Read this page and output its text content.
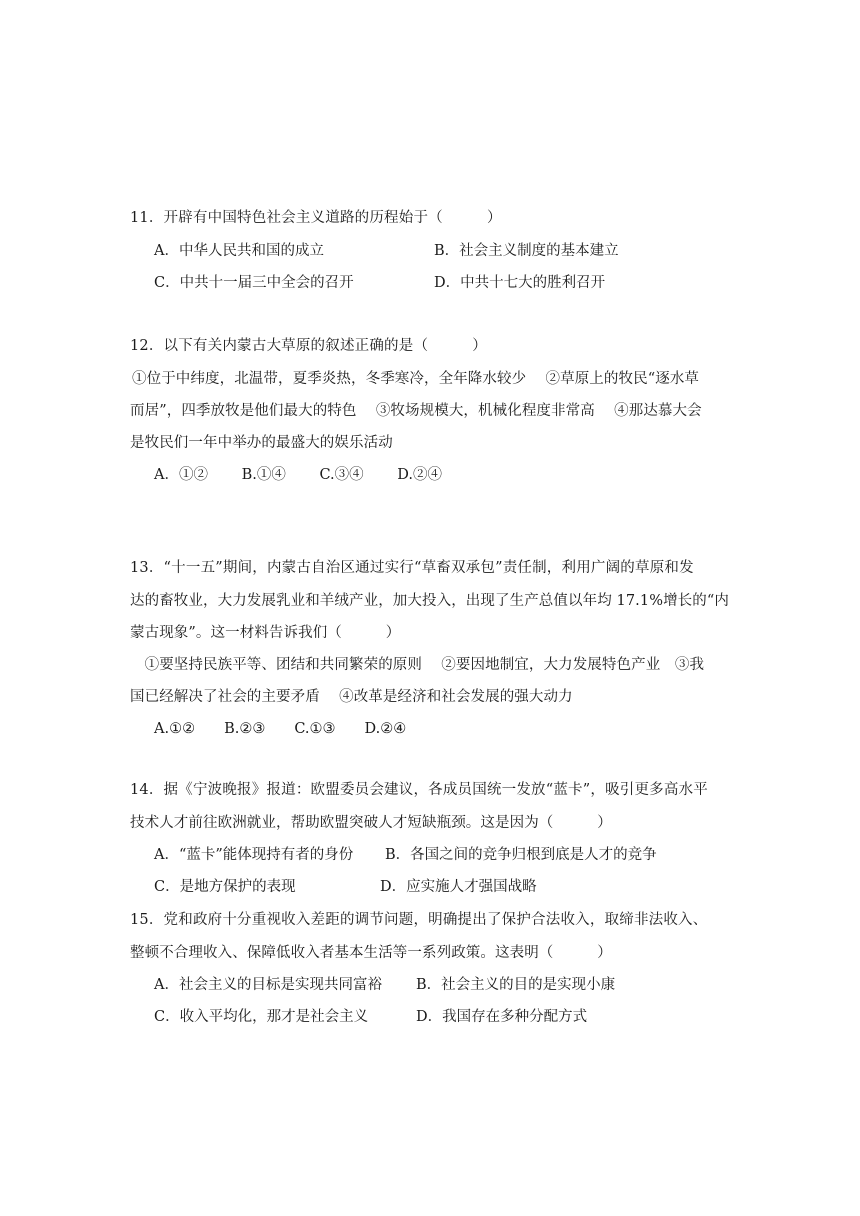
11．开辟有中国特色社会主义道路的历程始于（　　　）
A．中华人民共和国的成立	B．社会主义制度的基本建立
C．中共十一届三中全会的召开	D．中共十七大的胜利召开
12．以下有关内蒙古大草原的叙述正确的是（　　　）
①位于中纬度，北温带，夏季炎热，冬季寒冷，全年降水较少　 ②草原上的牧民“逐水草
而居”，四季放牧是他们最大的特色　 ③牧场规模大，机械化程度非常高　 ④那达慕大会
是牧民们一年中举办的最盛大的娱乐活动
A．①②　　 B.①④　　 C.③④　　 D.②④
13．“十一五”期间，内蒙古自治区通过实行“草畜双承包”责任制，利用广阔的草原和发
达的畜牧业，大力发展乳业和羊绒产业，加大投入，出现了生产总值以年均 17.1%增长的“内
蒙古现象”。这一材料告诉我们（　　　）
　①要坚持民族平等、团结和共同繁荣的原则　 ②要因地制宜，大力发展特色产业　③我
国已经解决了社会的主要矛盾　 ④改革是经济和社会发展的强大动力
A.①②　　B.②③　　C.①③　　D.②④
14．据《宁波晚报》报道：欧盟委员会建议，各成员国统一发放“蓝卡”，吸引更多高水平
技术人才前往欧洲就业，帮助欧盟突破人才短缺瓶颈。这是因为（　　　）
A．“蓝卡”能体现持有者的身份 B．各国之间的竞争归根到底是人才的竞争
C．是地方保护的表现	D．应实施人才强国战略
15．党和政府十分重视收入差距的调节问题，明确提出了保护合法收入，取缔非法收入、
整顿不合理收入、保障低收入者基本生活等一系列政策。这表明（　　　）
A．社会主义的目标是实现共同富裕 B．社会主义的目的是实现小康
C．收入平均化，那才是社会主义	D．我国存在多种分配方式
